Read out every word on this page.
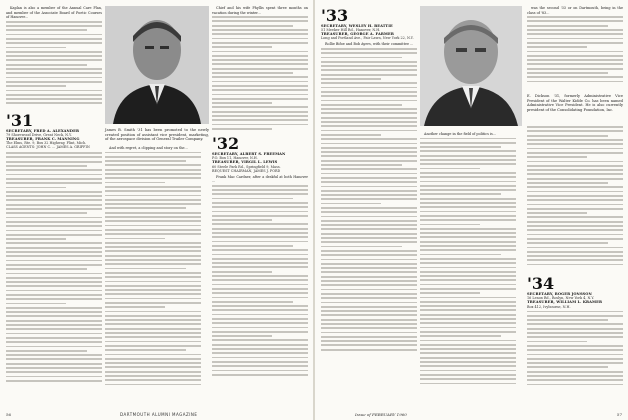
Kaplan is also a member of the Annual Care Plan, and member of the Associate Board of Poetic Courses of Hanover...

'31
SECRETARY, FRED A. ALEXANDER
79 Shorewood Drive, Great Neck, N.Y.
TREASURER, FRANK C. MANNING
The Elms, Rte. 9, Box 32 Highway, Flint, Mich.
CLASS AGENTS: JOHN C. ... JAMES A. GRIFFIN
James B. Smith '31 has been promoted to the newly created position of assistant vice president, marketing, of the aerospace division of General Trailer Company.

And with regret, a clipping and story on the...

Chief and his wife Phyllis spent three months on vacation during the winter...

'32
SECRETARY, ALBERT S. FREEMAN
P.O. Box 11, Hanover, N.H.
TREASURER, VIRGIL L. LEWIS
60 Steele Park Rd., Springfield 9, Mass.
BEQUEST CHAIRMAN, JAMES J. FORD

Frank Mac Cardner, after a deskful at both Hanover ...

56	DARTMOUTH ALUMNI MAGAZINE
'33
SECRETARY, WESLEY H. BEATTIE
51 Meeker Hill Rd., Hanover, N.H.
TREASURER, GEORGE A. FARMER
Long and Portland Ave., Fair Lawn, New York 22, N.Y.

Rollie Bifoe and Bob Ayers, with their committee ...

E. Dickson '31, formerly Administrative Vice President of the Walter Kidde Co. has been named Administrative Vice President. He is also currently president of the Consolidating Foundation, Inc.

Another change in the field of politics is...

was the second '33 or on Dartmouth, being in the class of '83...

'34
SECRETARY, ROGER JONSSON
16 Lenox Rd., Roslyn, New York 4, N.Y.
TREASURER, WILLIAM L. KRAMER
Box 412, Ivybourne, N.H.
Issue of FEBRUARY 1960	57
